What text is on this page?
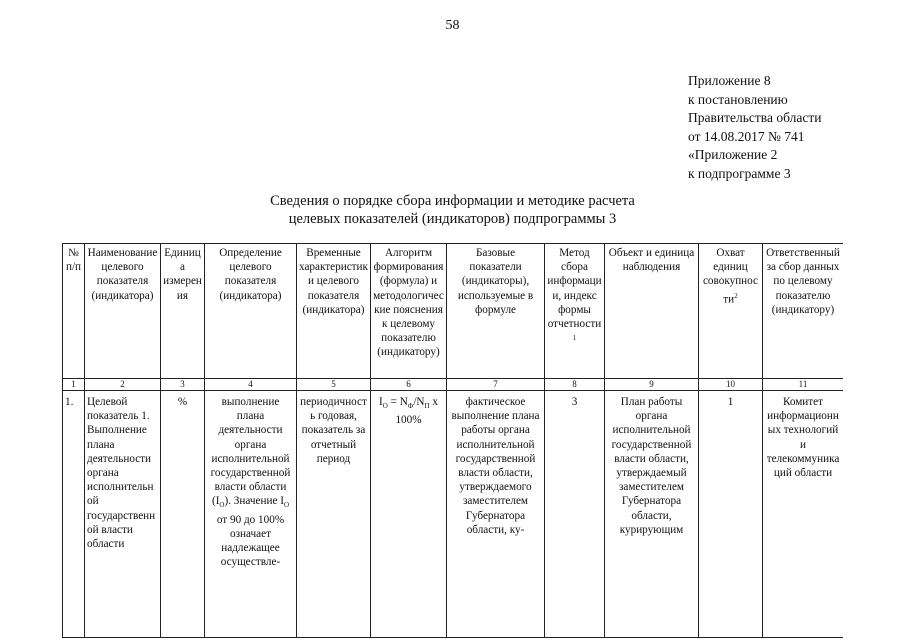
58
Приложение 8
к постановлению
Правительства области
от 14.08.2017 № 741
«Приложение 2
к подпрограмме 3
Сведения о порядке сбора информации и методике расчета
целевых показателей (индикаторов) подпрограммы 3
№ п/п	Наименование целевого показателя (индикатора)	Единица измерения	Определение целевого показателя (индикатора)	Временные характеристики целевого показателя (индикатора)	Алгоритм формирования (формула) и методологические пояснения к целевому показателю (индикатору)	Базовые показатели (индикаторы), используемые в формуле	Метод сбора информации, индекс формы отчетности$^1$	Объект и единица наблюдения	Охват единиц совокупности$^2$	Ответственный за сбор данных по целевому показателю (индикатору)
1	2	3	4	5	6	7	8	9	10	11
1.	Целевой показатель 1. Выполнение плана деятельности органа исполнительной государственной власти области	%	выполнение плана деятельности органа исполнительной государственной власти области $(I_О)$. Значение $I_О$ от 90 до 100% означает надлежащее осуществле-	периодичность годовая, показатель за отчетный период	$I_О = N_Ф/N_П$ х 100%	фактическое выполнение плана работы органа исполнительной государственной власти области, утверждаемого заместителем Губернатора области, ку-	3	План работы органа исполнительной государственной власти области, утверждаемый заместителем Губернатора области, курирующим	1	Комитет информационных технологий и телекоммуникаций области
